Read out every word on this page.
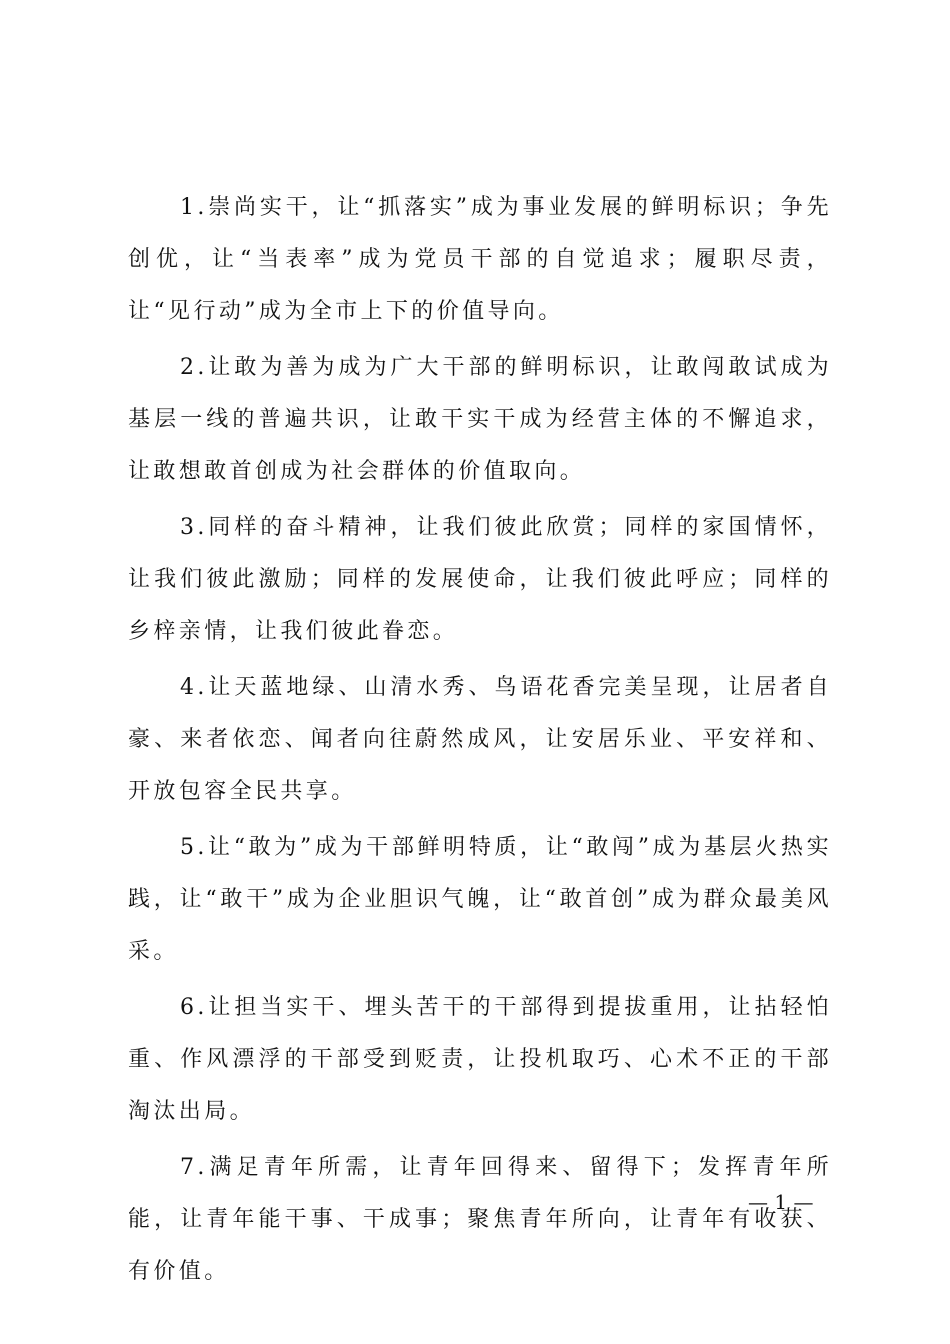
1.崇尚实干，让“抓落实”成为事业发展的鲜明标识；争先创优，让“当表率”成为党员干部的自觉追求；履职尽责，让“见行动”成为全市上下的价值导向。

2.让敢为善为成为广大干部的鲜明标识，让敢闯敢试成为基层一线的普遍共识，让敢干实干成为经营主体的不懈追求，让敢想敢首创成为社会群体的价值取向。

3.同样的奋斗精神，让我们彼此欣赏；同样的家国情怀，让我们彼此激励；同样的发展使命，让我们彼此呼应；同样的乡梓亲情，让我们彼此眷恋。

4.让天蓝地绿、山清水秀、鸟语花香完美呈现，让居者自豪、来者依恋、闻者向往蔚然成风，让安居乐业、平安祥和、开放包容全民共享。

5.让“敢为”成为干部鲜明特质，让“敢闯”成为基层火热实践，让“敢干”成为企业胆识气魄，让“敢首创”成为群众最美风采。

6.让担当实干、埋头苦干的干部得到提拔重用，让拈轻怕重、作风漂浮的干部受到贬责，让投机取巧、心术不正的干部淘汰出局。

7.满足青年所需，让青年回得来、留得下；发挥青年所能，让青年能干事、干成事；聚焦青年所向，让青年有收获、有价值。

— 1 —
